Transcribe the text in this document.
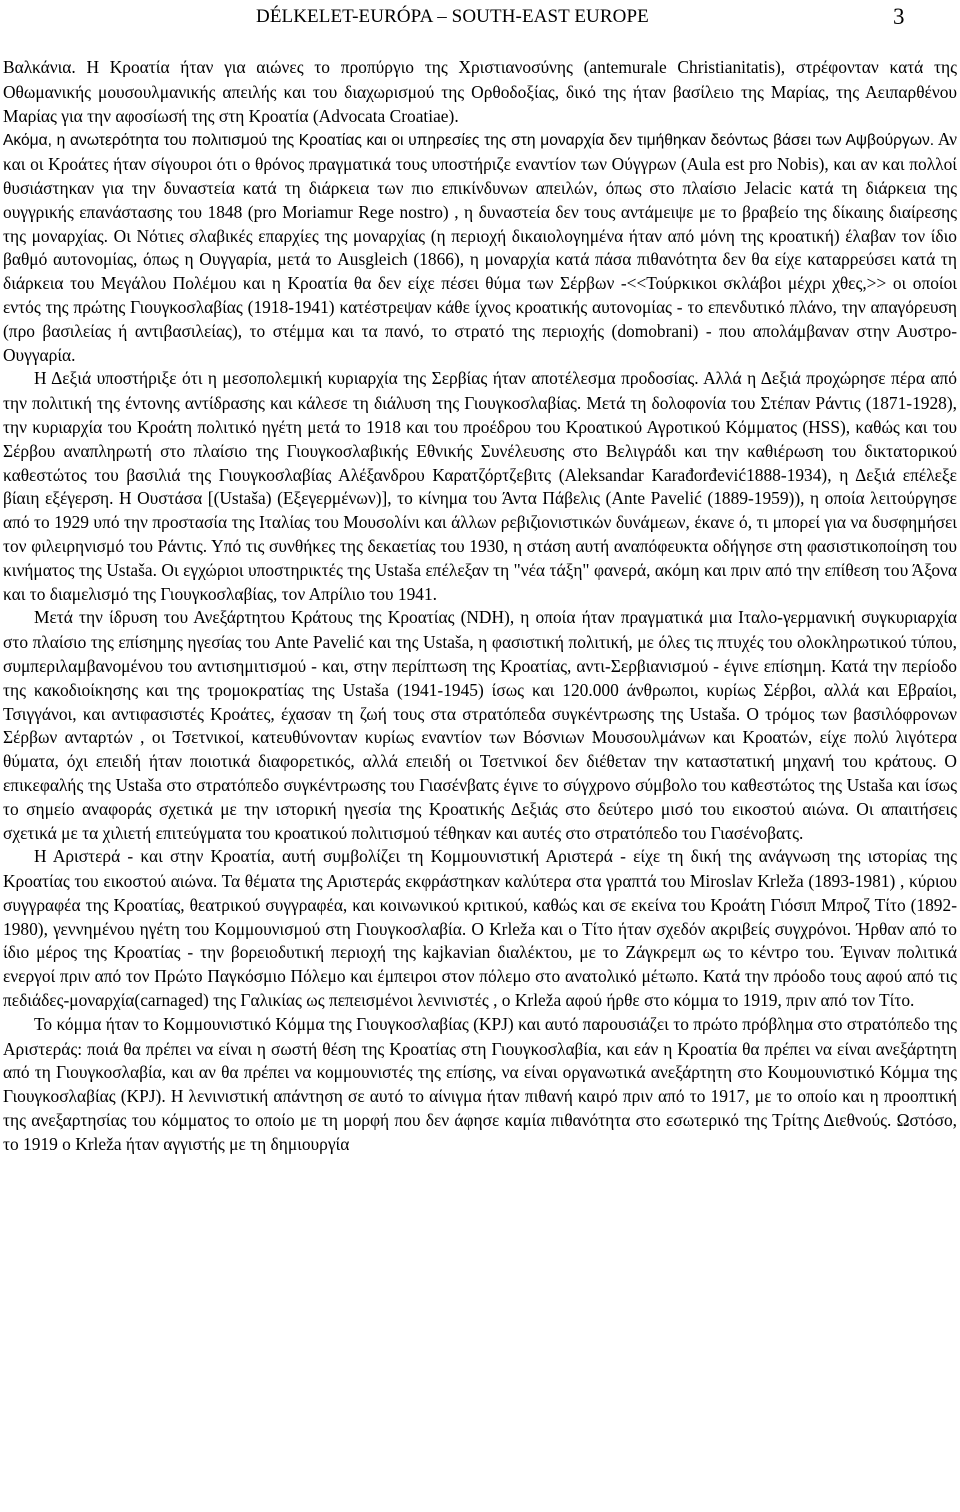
DÉLKELET-EURÓPA – SOUTH-EAST EUROPE	3

Βαλκάνια. Η Κροατία ήταν για αιώνες το προπύργιο της Χριστιανοσύνης (antemurale Christianitatis), στρέφονταν κατά της Οθωμανικής μουσουλμανικής απειλής και του διαχωρισμού της Ορθοδοξίας, δικό της ήταν βασίλειο της Μαρίας, της Αειπαρθένου Μαρίας για την αφοσίωσή της στη Κροατία (Advocata Croatiae).

Ακόμα, η ανωτερότητα του πολιτισμού της Κροατίας και οι υπηρεσίες της στη μοναρχία δεν τιμήθηκαν δεόντως βάσει των Αψβούργων. Αν και οι Κροάτες ήταν σίγουροι ότι ο θρόνος πραγματικά τους υποστήριζε εναντίον των Ούγγρων (Aula est pro Nobis), και αν και πολλοί θυσιάστηκαν για την δυναστεία κατά τη διάρκεια των πιο επικίνδυνων απειλών, όπως στο πλαίσιο Jelacic κατά τη διάρκεια της ουγγρικής επανάστασης του 1848 (pro Moriamur Rege nostro) , η δυναστεία δεν τους αντάμειψε με το βραβείο της δίκαιης διαίρεσης της μοναρχίας. Οι Νότιες σλαβικές επαρχίες της μοναρχίας (η περιοχή δικαιολογημένα ήταν από μόνη της κροατική) έλαβαν τον ίδιο βαθμό αυτονομίας, όπως η Ουγγαρία, μετά το Ausgleich (1866), η μοναρχία κατά πάσα πιθανότητα δεν θα είχε καταρρεύσει κατά τη διάρκεια του Μεγάλου Πολέμου και η Κροατία θα δεν είχε πέσει θύμα των Σέρβων -<<Τούρκικοι σκλάβοι μέχρι χθες,>> οι οποίοι εντός της πρώτης Γιουγκοσλαβίας (1918-1941) κατέστρεψαν κάθε ίχνος κροατικής αυτονομίας - το επενδυτικό πλάνο, την απαγόρευση (προ βασιλείας ή αντιβασιλείας), το στέμμα και τα πανό, το στρατό της περιοχής (domobrani) - που απολάμβαναν στην Αυστρο-Ουγγαρία.

Η Δεξιά υποστήριξε ότι η μεσοπολεμική κυριαρχία της Σερβίας ήταν αποτέλεσμα προδοσίας. Αλλά η Δεξιά προχώρησε πέρα από την πολιτική της έντονης αντίδρασης και κάλεσε τη διάλυση της Γιουγκοσλαβίας. Μετά τη δολοφονία του Στέπαν Ράντις (1871-1928), την κυριαρχία του Κροάτη πολιτικό ηγέτη μετά το 1918 και του προέδρου του Κροατικού Αγροτικού Κόμματος (HSS), καθώς και του Σέρβου αναπληρωτή στο πλαίσιο της Γιουγκοσλαβικής Εθνικής Συνέλευσης στο Βελιγράδι και την καθιέρωση του δικτατορικού καθεστώτος του βασιλιά της Γιουγκοσλαβίας Αλέξανδρου Καρατζόρτζεβιτς (Aleksandar Karađorđević1888-1934), η Δεξιά επέλεξε βίαιη εξέγερση. Η Ουστάσα [(Ustaša) (Εξεγερμένων)], το κίνημα του Άντα Πάβελις (Ante Pavelić (1889-1959)), η οποία λειτούργησε από το 1929 υπό την προστασία της Ιταλίας του Μουσολίνι και άλλων ρεβιζιονιστικών δυνάμεων, έκανε ό, τι μπορεί για να δυσφημήσει τον φιλειρηνισμό του Ράντις. Υπό τις συνθήκες της δεκαετίας του 1930, η στάση αυτή αναπόφευκτα οδήγησε στη φασιστικοποίηση του κινήματος της Ustaša. Οι εγχώριοι υποστηρικτές της Ustaša επέλεξαν τη "νέα τάξη" φανερά, ακόμη και πριν από την επίθεση του Άξονα και το διαμελισμό της Γιουγκοσλαβίας, τον Απρίλιο του 1941.

Μετά την ίδρυση του Ανεξάρτητου Κράτους της Κροατίας (NDH), η οποία ήταν πραγματικά μια Ιταλο-γερμανική συγκυριαρχία στο πλαίσιο της επίσημης ηγεσίας του Ante Pavelić και της Ustaša, η φασιστική πολιτική, με όλες τις πτυχές του ολοκληρωτικού τύπου, συμπεριλαμβανομένου του αντισημιτισμού - και, στην περίπτωση της Κροατίας, αντι-Σερβιανισμού - έγινε επίσημη. Κατά την περίοδο της κακοδιοίκησης και της τρομοκρατίας της Ustaša (1941-1945) ίσως και 120.000 άνθρωποι, κυρίως Σέρβοι, αλλά και Εβραίοι, Τσιγγάνοι, και αντιφασιστές Κροάτες, έχασαν τη ζωή τους στα στρατόπεδα συγκέντρωσης της Ustaša. Ο τρόμος των βασιλόφρονων Σέρβων ανταρτών , οι Τσετνικοί, κατευθύνονταν κυρίως εναντίον των Βόσνιων Μουσουλμάνων και Κροατών, είχε πολύ λιγότερα θύματα, όχι επειδή ήταν ποιοτικά διαφορετικός, αλλά επειδή οι Τσετνικοί δεν διέθεταν την καταστατική μηχανή του κράτους. Ο επικεφαλής της Ustaša στο στρατόπεδο συγκέντρωσης του Γιασένβατς έγινε το σύγχρονο σύμβολο του καθεστώτος της Ustaša και ίσως το σημείο αναφοράς σχετικά με την ιστορική ηγεσία της Κροατικής Δεξιάς στο δεύτερο μισό του εικοστού αιώνα. Οι απαιτήσεις σχετικά με τα χιλιετή επιτεύγματα του κροατικού πολιτισμού τέθηκαν και αυτές στο στρατόπεδο του Γιασένοβατς.

Η Αριστερά - και στην Κροατία, αυτή συμβολίζει τη Κομμουνιστική Αριστερά - είχε τη δική της ανάγνωση της ιστορίας της Κροατίας του εικοστού αιώνα. Τα θέματα της Αριστεράς εκφράστηκαν καλύτερα στα γραπτά του Miroslav Krleža (1893-1981) , κύριου συγγραφέα της Κροατίας, θεατρικού συγγραφέα, και κοινωνικού κριτικού, καθώς και σε εκείνα του Κροάτη Γιόσιπ Μπροζ Τίτο (1892-1980), γεννημένου ηγέτη του Κομμουνισμού στη Γιουγκοσλαβία. Ο Krleža και ο Τίτο ήταν σχεδόν ακριβείς συγχρόνοι. Ήρθαν από το ίδιο μέρος της Κροατίας - την βορειοδυτική περιοχή της kajkavian διαλέκτου, με το Ζάγκρεμπ ως το κέντρο του. Έγιναν πολιτικά ενεργοί πριν από τον Πρώτο Παγκόσμιο Πόλεμο και έμπειροι στον πόλεμο στο ανατολικό μέτωπο. Κατά την πρόοδο τους αφού από τις πεδιάδες-μοναρχία(carnaged) της Γαλικίας ως πεπεισμένοι λενινιστές , ο Krleža αφού ήρθε στο κόμμα το 1919, πριν από τον Τίτο.

Το κόμμα ήταν το Κομμουνιστικό Κόμμα της Γιουγκοσλαβίας (KPJ) και αυτό παρουσιάζει το πρώτο πρόβλημα στο στρατόπεδο της Αριστεράς: ποιά θα πρέπει να είναι η σωστή θέση της Κροατίας στη Γιουγκοσλαβία, και εάν η Κροατία θα πρέπει να είναι ανεξάρτητη από τη Γιουγκοσλαβία, και αν θα πρέπει να κομμουνιστές της επίσης, να είναι οργανωτικά ανεξάρτητη στο Κουμουνιστικό Κόμμα της Γιουγκοσλαβίας (KPJ). Η λενινιστική απάντηση σε αυτό το αίνιγμα ήταν πιθανή καιρό πριν από το 1917, με το οποίο και η προοπτική της ανεξαρτησίας του κόμματος το οποίο με τη μορφή που δεν άφησε καμία πιθανότητα στο εσωτερικό της Τρίτης Διεθνούς. Ωστόσο, το 1919 ο Krleža ήταν αγγιστής με τη δημιουργία
